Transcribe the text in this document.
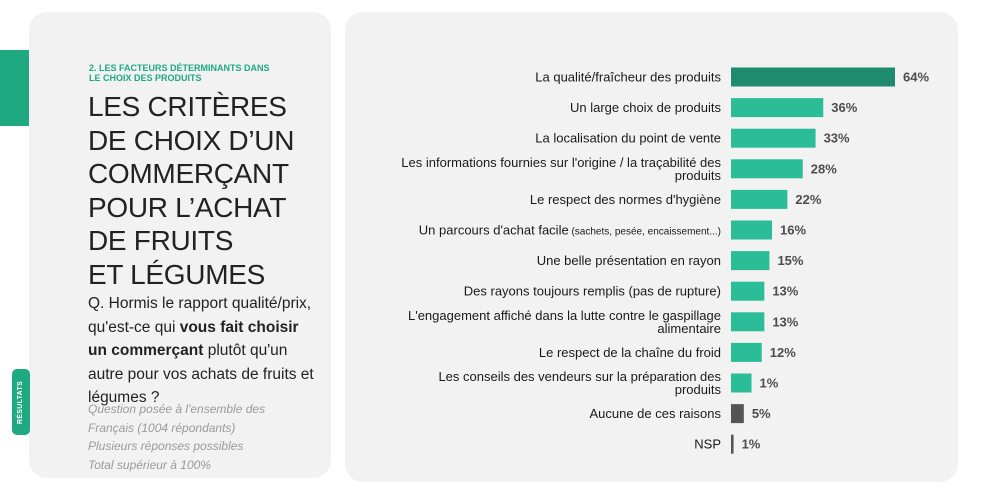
2. LES FACTEURS DÉTERMINANTS DANS
LE CHOIX DES PRODUITS
LES CRITÈRES
DE CHOIX D’UN
COMMERÇANT
POUR L’ACHAT
DE FRUITS
ET LÉGUMES
Q. Hormis le rapport qualité/prix, qu'est-ce qui vous fait choisir un commerçant plutôt qu'un autre pour vos achats de fruits et légumes ?
Question posée à l'ensemble des
Français (1004 répondants)
Plusieurs réponses possibles
Total supérieur à 100%
RÉSULTATS
La qualité/fraîcheur des produits	64%
Un large choix de produits	36%
La localisation du point de vente	33%
Les informations fournies sur l'origine / la traçabilité des
produits	28%
Le respect des normes d'hygiène	22%
Un parcours d'achat facile (sachets, pesée, encaissement...)	16%
Une belle présentation en rayon	15%
Des rayons toujours remplis (pas de rupture)	13%
L'engagement affiché dans la lutte contre le gaspillage
alimentaire	13%
Le respect de la chaîne du froid	12%
Les conseils des vendeurs sur la préparation des
produits	1%
Aucune de ces raisons 5%
NSP 1%
